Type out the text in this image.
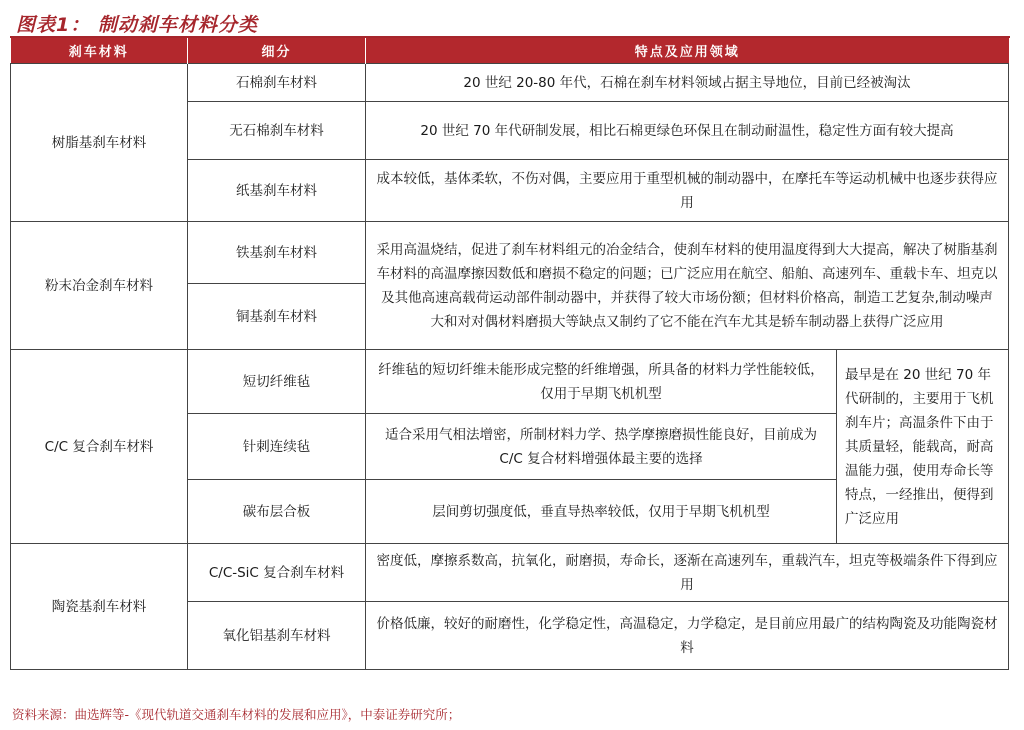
图表1： 制动刹车材料分类
刹车材料	细分	特点及应用领域	
树脂基刹车材料	石棉刹车材料	20 世纪 20-80 年代，石棉在刹车材料领域占据主导地位，目前已经被淘汰	
	无石棉刹车材料	20 世纪 70 年代研制发展，相比石棉更绿色环保且在制动耐温性，稳定性方面有较大提高	
	纸基刹车材料	成本较低，基体柔软，不伤对偶，主要应用于重型机械的制动器中，在摩托车等运动机械中也逐步获得应用	
粉末冶金刹车材料	铁基刹车材料	采用高温烧结，促进了刹车材料组元的冶金结合，使刹车材料的使用温度得到大大提高，解决了树脂基刹车材料的高温摩擦因数低和磨损不稳定的问题；已广泛应用在航空、船舶、高速列车、重载卡车、坦克以及其他高速高载荷运动部件制动器中，并获得了较大市场份额；但材料价格高，制造工艺复杂,制动噪声大和对对偶材料磨损大等缺点又制约了它不能在汽车尤其是轿车制动器上获得广泛应用	
	铜基刹车材料		
C/C 复合刹车材料	短切纤维毡	纤维毡的短切纤维未能形成完整的纤维增强，所具备的材料力学性能较低，仅用于早期飞机机型	最早是在 20 世纪 70 年代研制的，主要用于飞机刹车片；高温条件下由于其质量轻，能载高，耐高温能力强，使用寿命长等特点，一经推出，便得到广泛应用
	针刺连续毡	适合采用气相法增密，所制材料力学、热学摩擦磨损性能良好，目前成为 C/C 复合材料增强体最主要的选择	
	碳布层合板	层间剪切强度低，垂直导热率较低，仅用于早期飞机机型	
陶瓷基刹车材料	C/C-SiC 复合刹车材料	密度低，摩擦系数高，抗氧化，耐磨损，寿命长，逐渐在高速列车，重载汽车，坦克等极端条件下得到应用	
	氧化铝基刹车材料	价格低廉，较好的耐磨性，化学稳定性，高温稳定，力学稳定，是目前应用最广的结构陶瓷及功能陶瓷材料	
资料来源：曲选辉等-《现代轨道交通刹车材料的发展和应用》，中泰证券研究所；
